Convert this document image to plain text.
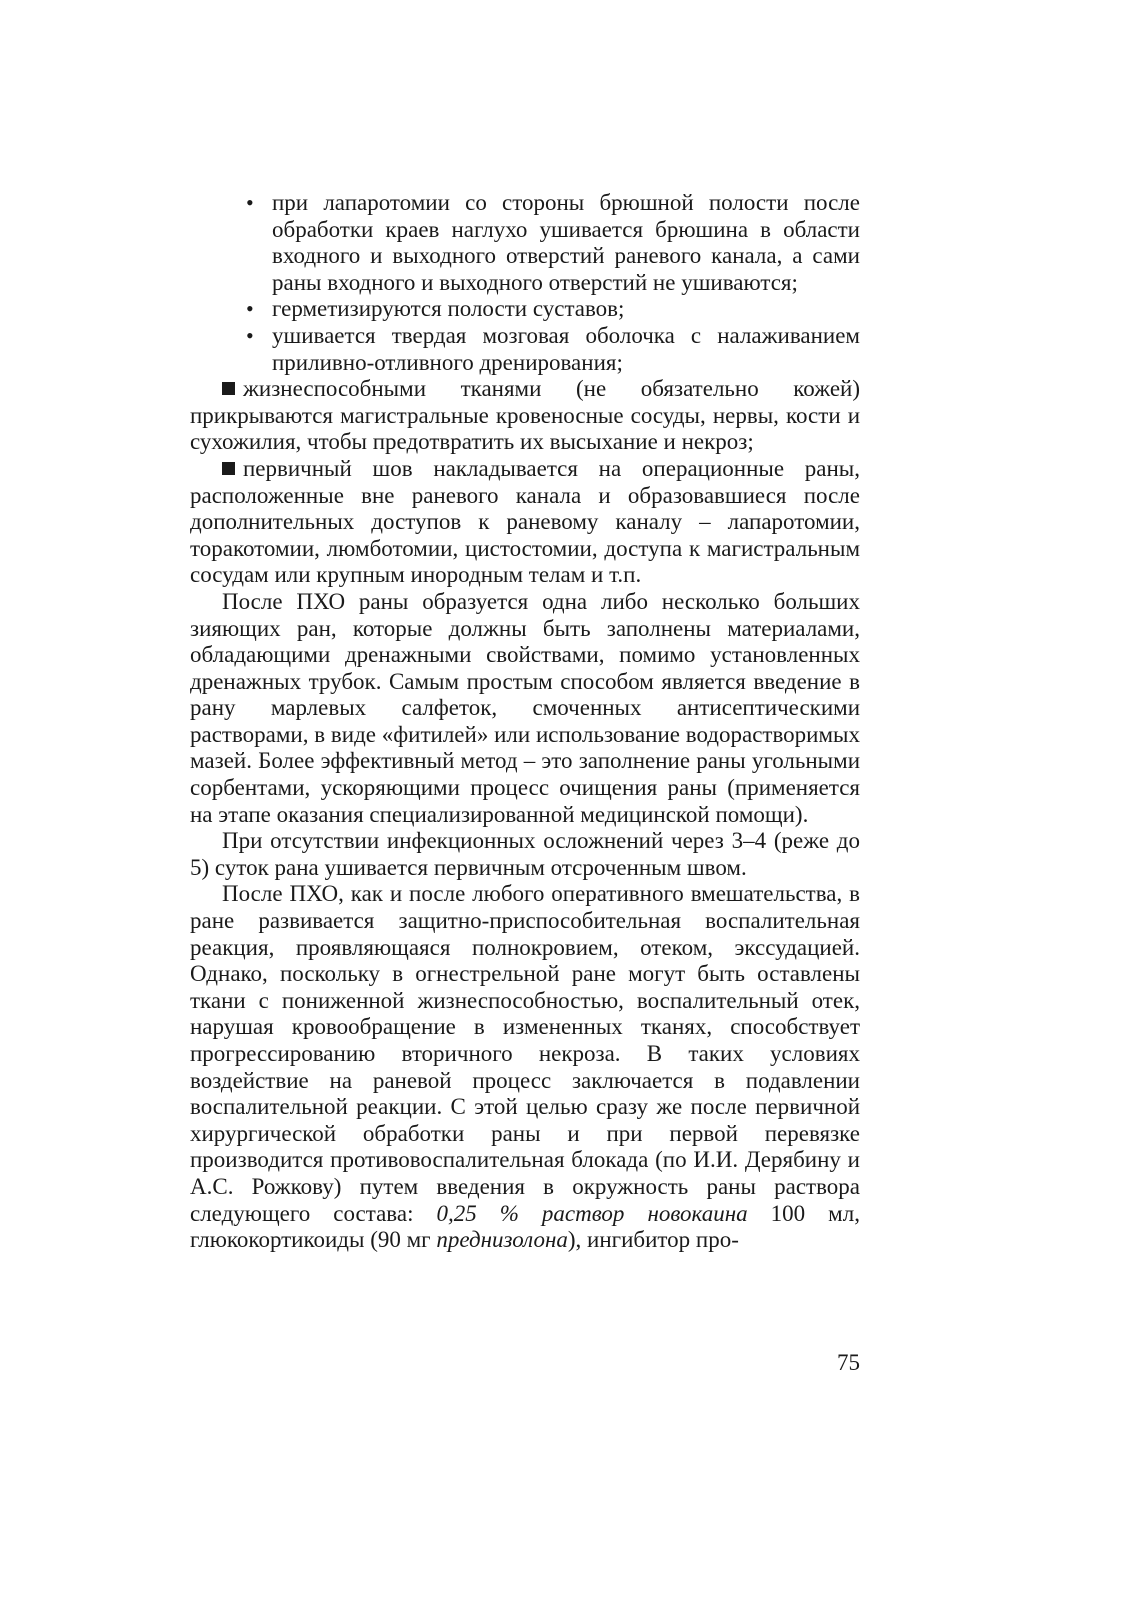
• при лапаротомии со стороны брюшной полости после обработки краев наглухо ушивается брюшина в области входного и выходного отверстий раневого канала, а сами раны входного и выходного отверстий не ушиваются;
• герметизируются полости суставов;
• ушивается твердая мозговая оболочка с налаживанием приливно-отливного дренирования;

жизнеспособными тканями (не обязательно кожей) прикрываются магистральные кровеносные сосуды, нервы, кости и сухожилия, чтобы предотвратить их высыхание и некроз;

первичный шов накладывается на операционные раны, расположенные вне раневого канала и образовавшиеся после дополнительных доступов к раневому каналу – лапаротомии, торакотомии, люмботомии, цистостомии, доступа к магистральным сосудам или крупным инородным телам и т.п.

После ПХО раны образуется одна либо несколько больших зияющих ран, которые должны быть заполнены материалами, обладающими дренажными свойствами, помимо установленных дренажных трубок. Самым простым способом является введение в рану марлевых салфеток, смоченных антисептическими растворами, в виде «фитилей» или использование водорастворимых мазей. Более эффективный метод – это заполнение раны угольными сорбентами, ускоряющими процесс очищения раны (применяется на этапе оказания специализированной медицинской помощи).

При отсутствии инфекционных осложнений через 3–4 (реже до 5) суток рана ушивается первичным отсроченным швом.

После ПХО, как и после любого оперативного вмешательства, в ране развивается защитно-приспособительная воспалительная реакция, проявляющаяся полнокровием, отеком, экссудацией. Однако, поскольку в огнестрельной ране могут быть оставлены ткани с пониженной жизнеспособностью, воспалительный отек, нарушая кровообращение в измененных тканях, способствует прогрессированию вторичного некроза. В таких условиях воздействие на раневой процесс заключается в подавлении воспалительной реакции. С этой целью сразу же после первичной хирургической обработки раны и при первой перевязке производится противовоспалительная блокада (по И.И. Дерябину и А.С. Рожкову) путем введения в окружность раны раствора следующего состава: 0,25 % раствор новокаина 100 мл, глюкокортикоиды (90 мг преднизолона), ингибитор про-

75
